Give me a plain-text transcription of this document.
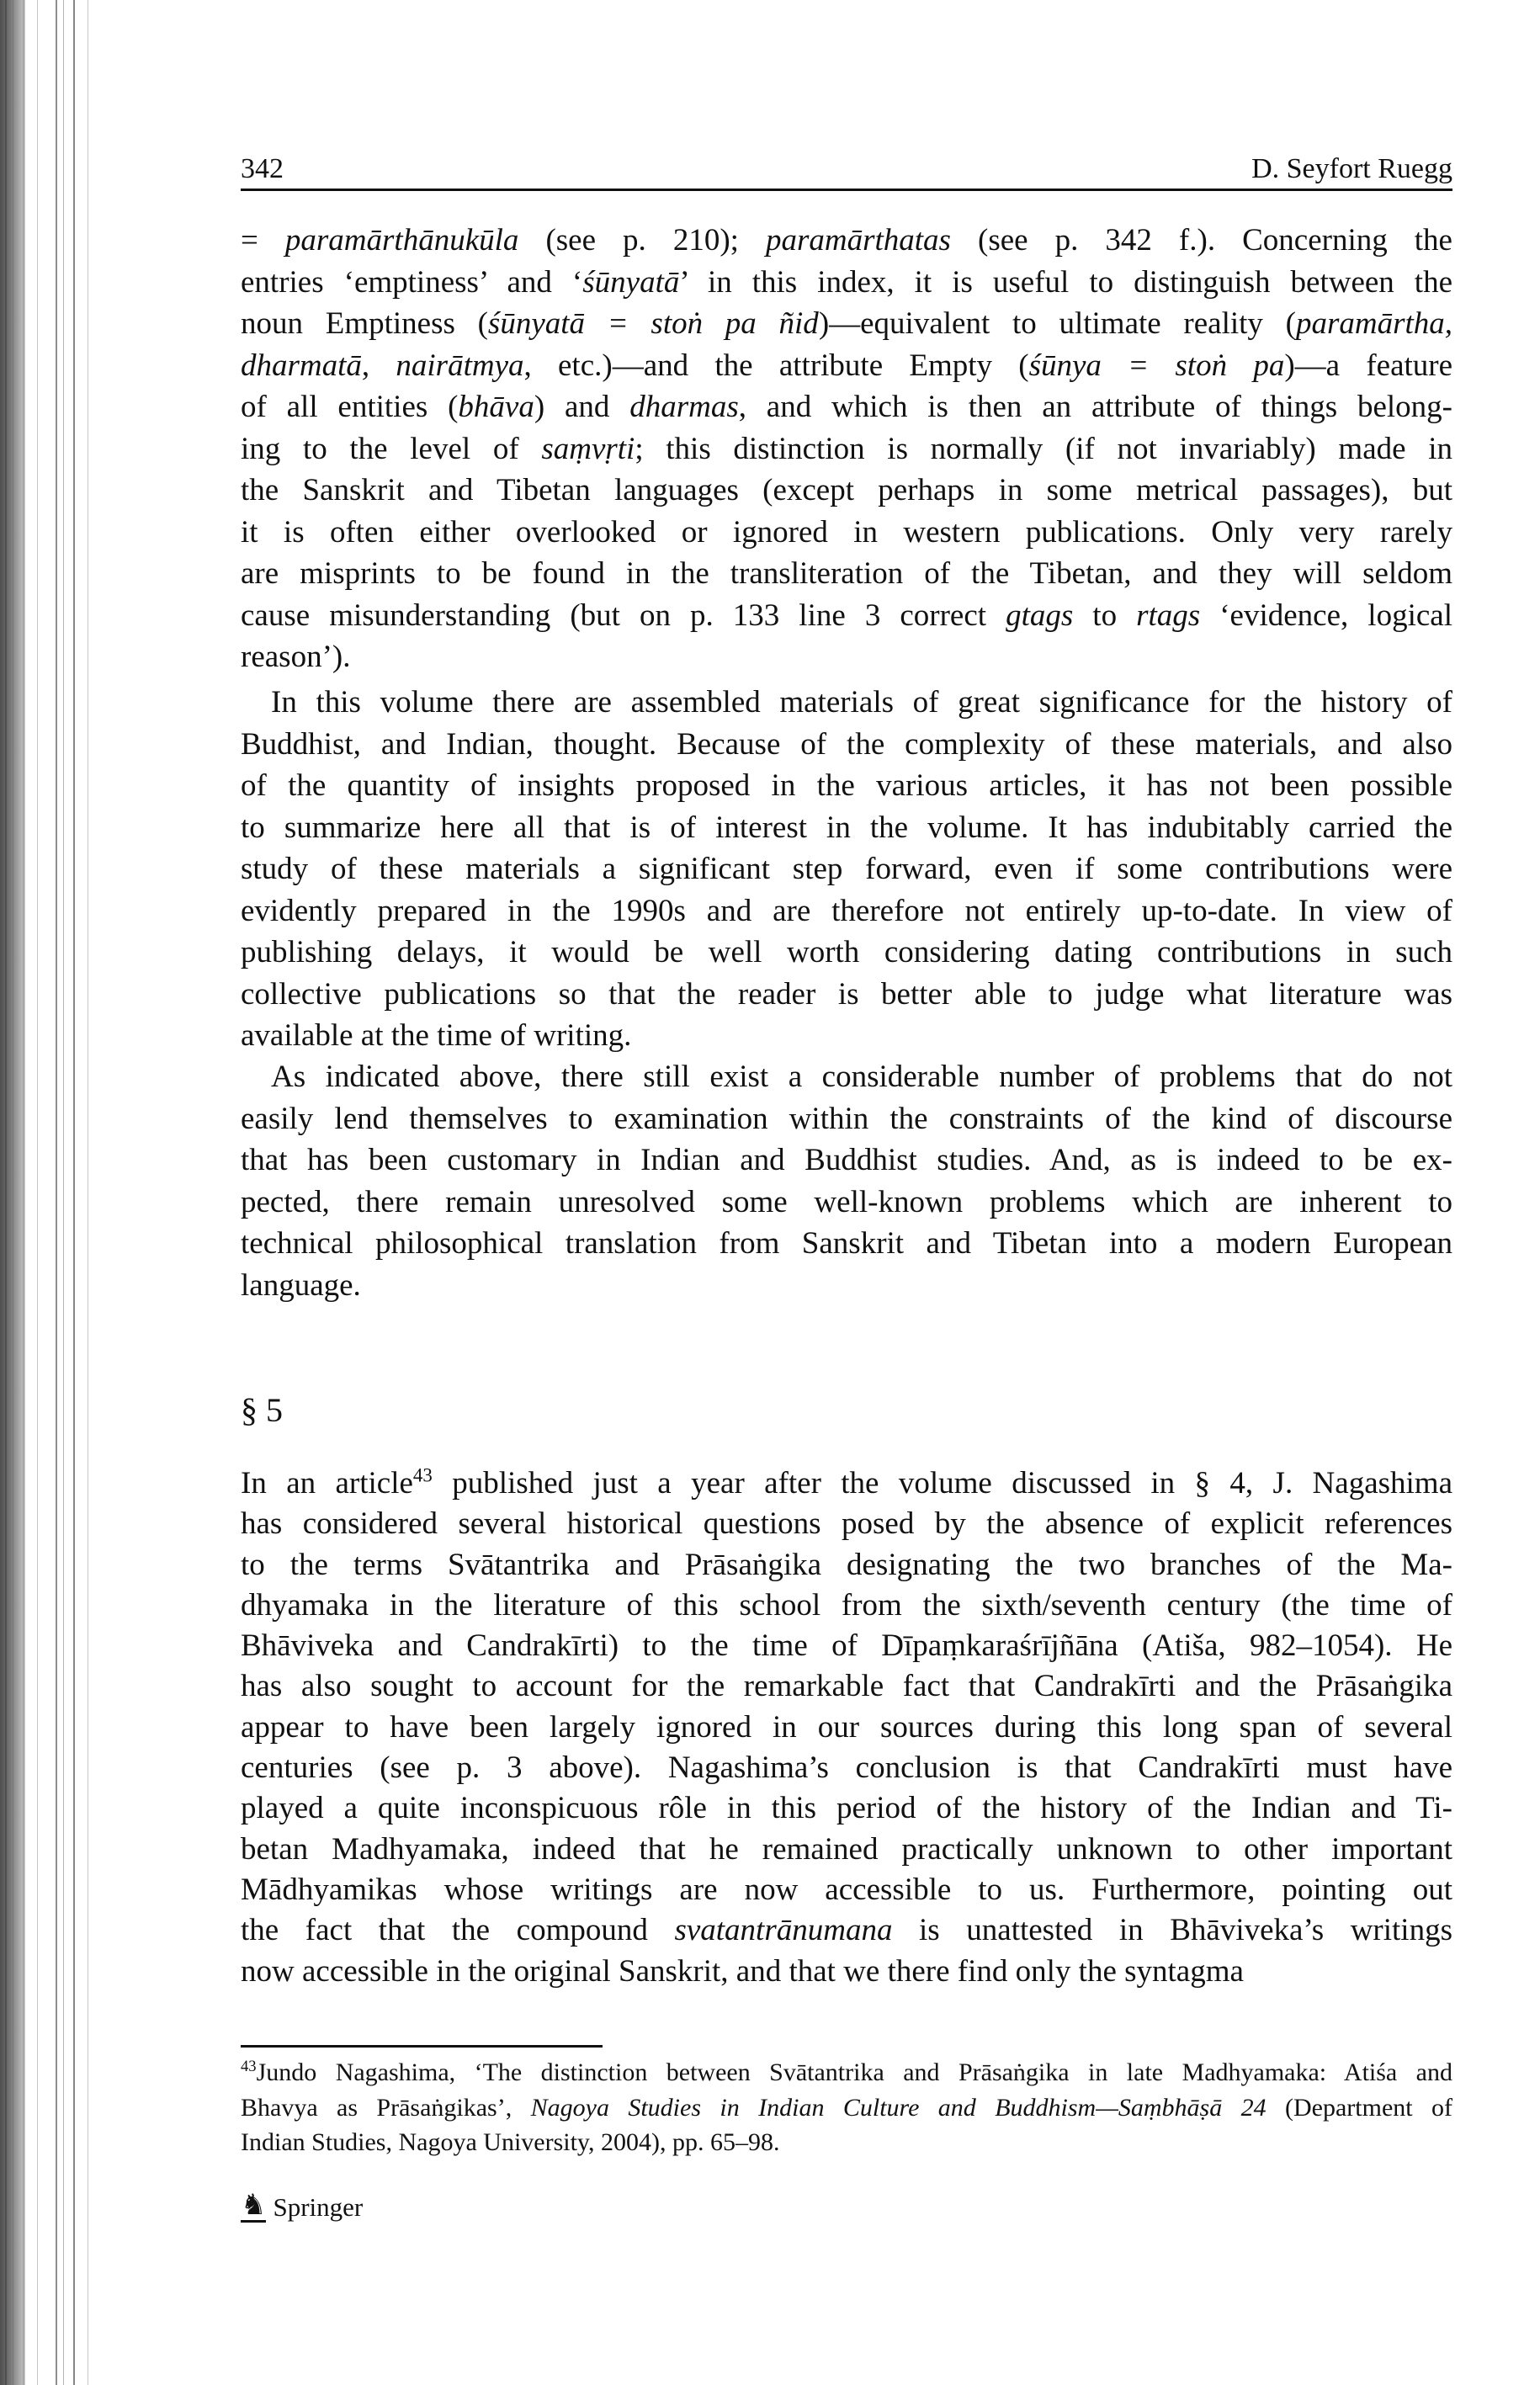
342	D. Seyfort Ruegg
= paramārthānukūla (see p. 210); paramārthatas (see p. 342 f.). Concerning the
entries ‘emptiness’ and ‘śūnyatā’ in this index, it is useful to distinguish between the
noun Emptiness (śūnyatā = stoṅ pa ñid)—equivalent to ultimate reality (paramārtha,
dharmatā, nairātmya, etc.)—and the attribute Empty (śūnya = stoṅ pa)—a feature
of all entities (bhāva) and dharmas, and which is then an attribute of things belong-
ing to the level of saṃvṛti; this distinction is normally (if not invariably) made in
the Sanskrit and Tibetan languages (except perhaps in some metrical passages), but
it is often either overlooked or ignored in western publications. Only very rarely
are misprints to be found in the transliteration of the Tibetan, and they will seldom
cause misunderstanding (but on p. 133 line 3 correct gtags to rtags ‘evidence, logical
reason’).
In this volume there are assembled materials of great significance for the history of
Buddhist, and Indian, thought. Because of the complexity of these materials, and also
of the quantity of insights proposed in the various articles, it has not been possible
to summarize here all that is of interest in the volume. It has indubitably carried the
study of these materials a significant step forward, even if some contributions were
evidently prepared in the 1990s and are therefore not entirely up-to-date. In view of
publishing delays, it would be well worth considering dating contributions in such
collective publications so that the reader is better able to judge what literature was
available at the time of writing.
As indicated above, there still exist a considerable number of problems that do not
easily lend themselves to examination within the constraints of the kind of discourse
that has been customary in Indian and Buddhist studies. And, as is indeed to be ex-
pected, there remain unresolved some well-known problems which are inherent to
technical philosophical translation from Sanskrit and Tibetan into a modern European
language.
§ 5
In an article$^{43}$ published just a year after the volume discussed in § 4, J. Nagashima
has considered several historical questions posed by the absence of explicit references
to the terms Svātantrika and Prāsaṅgika designating the two branches of the Ma-
dhyamaka in the literature of this school from the sixth/seventh century (the time of
Bhāviveka and Candrakīrti) to the time of Dīpaṃkaraśrījñāna (Atiša, 982–1054). He
has also sought to account for the remarkable fact that Candrakīrti and the Prāsaṅgika
appear to have been largely ignored in our sources during this long span of several
centuries (see p. 3 above). Nagashima’s conclusion is that Candrakīrti must have
played a quite inconspicuous rôle in this period of the history of the Indian and Ti-
betan Madhyamaka, indeed that he remained practically unknown to other important
Mādhyamikas whose writings are now accessible to us. Furthermore, pointing out
the fact that the compound svatantrānumana is unattested in Bhāviveka’s writings
now accessible in the original Sanskrit, and that we there find only the syntagma
$^{43}$Jundo Nagashima, ‘The distinction between Svātantrika and Prāsaṅgika in late Madhyamaka: Atiśa and
Bhavya as Prāsaṅgikas’, Nagoya Studies in Indian Culture and Buddhism—Saṃbhāṣā 24 (Department of
Indian Studies, Nagoya University, 2004), pp. 65–98.
♞ Springer
